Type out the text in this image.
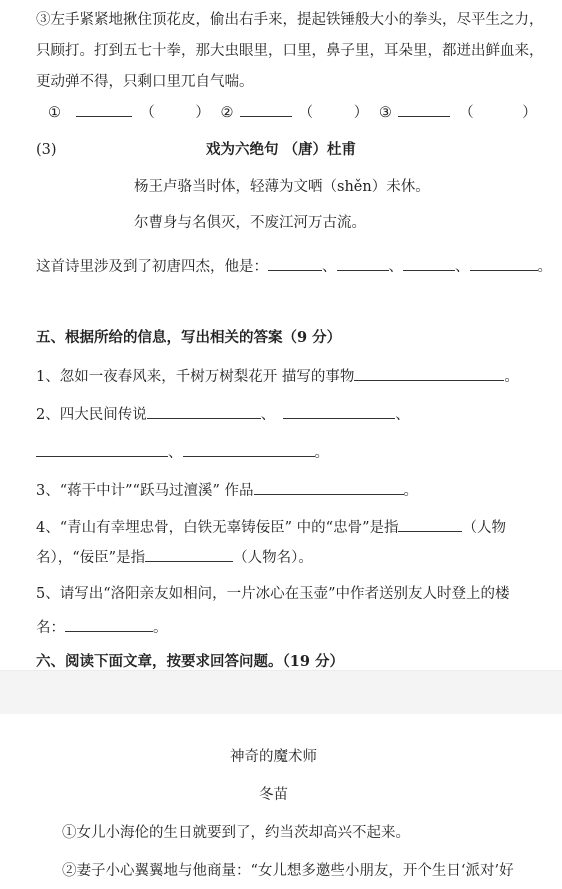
③左手紧紧地揪住顶花皮，偷出右手来，提起铁锤般大小的拳头，尽平生之力，
只顾打。打到五七十拳，那大虫眼里，口里，鼻子里，耳朵里，都迸出鲜血来，
更动弹不得，只剩口里兀自气喘。
①	（	） ②	（	） ③	（	）
(3)	戏为六绝句 （唐）杜甫
杨王卢骆当时体，轻薄为文哂（shěn）未休。
尔曹身与名俱灭，不废江河万古流。
这首诗里涉及到了初唐四杰，他是：	、	、	、	。
五、根据所给的信息，写出相关的答案（9 分）
1、忽如一夜春风来，千树万树梨花开 描写的事物	。
2、四大民间传说	、	、
、	。
3、“蒋干中计”“跃马过澶溪” 作品	。
4、“青山有幸埋忠骨，白铁无辜铸佞臣” 中的“忠骨”是指	（人物
名），“佞臣”是指	（人物名）。
5、请写出“洛阳亲友如相问，一片冰心在玉壶”中作者送别友人时登上的楼
名：	。
六、阅读下面文章，按要求回答问题。（19 分）
神奇的魔术师
冬苗
①女儿小海伦的生日就要到了，约当茨却高兴不起来。
②妻子小心翼翼地与他商量：“女儿想多邀些小朋友，开个生日‘派对’好
